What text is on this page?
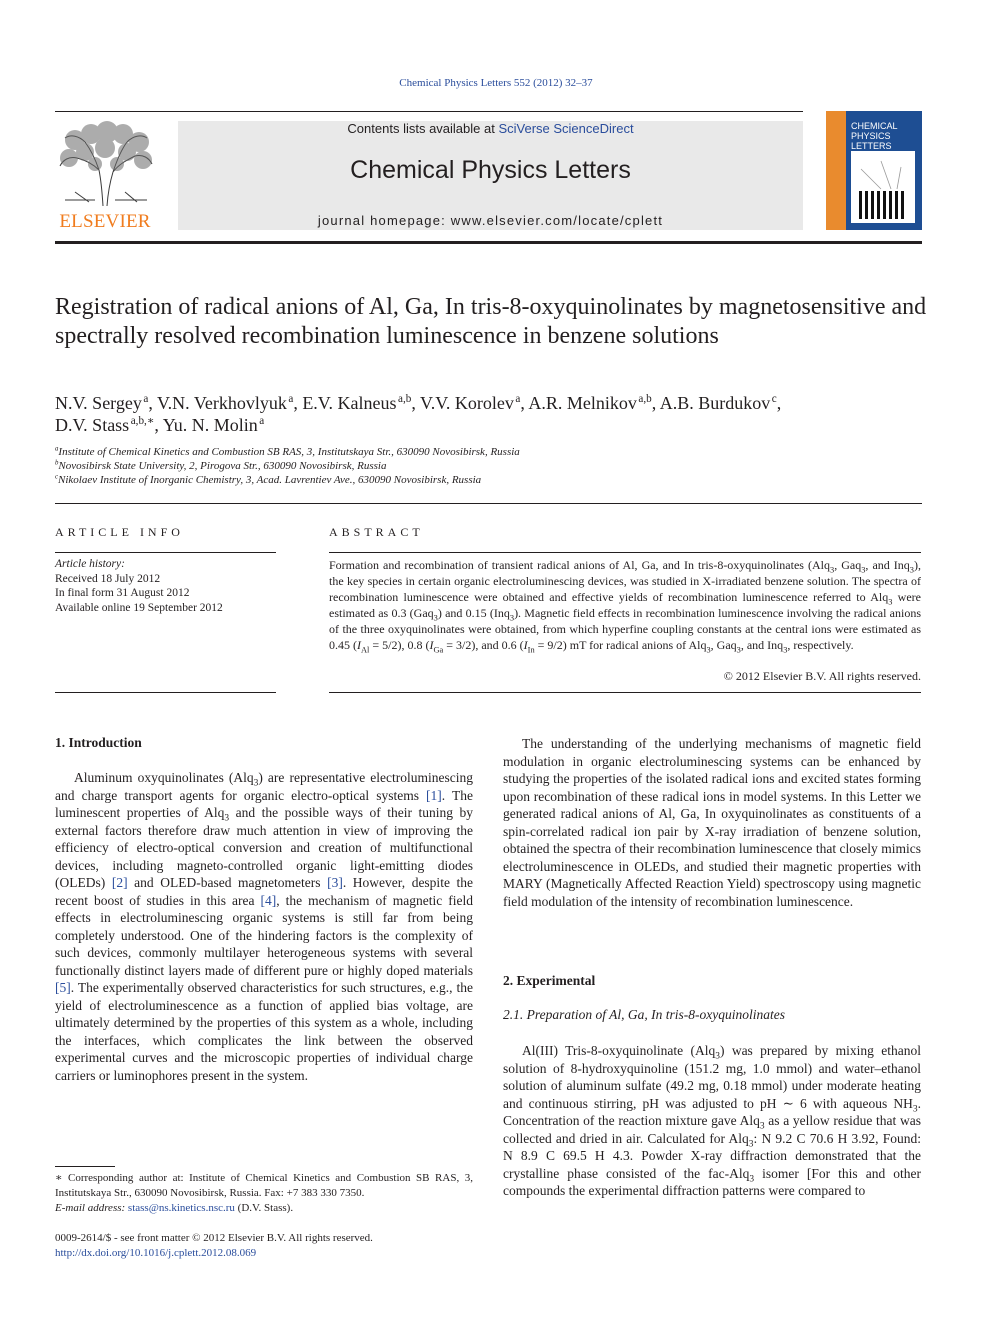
Chemical Physics Letters 552 (2012) 32–37
ELSEVIER
Contents lists available at SciVerse ScienceDirect
Chemical Physics Letters
journal homepage: www.elsevier.com/locate/cplett
CHEMICAL
PHYSICS
LETTERS
Registration of radical anions of Al, Ga, In tris-8-oxyquinolinates by magnetosensitive and spectrally resolved recombination luminescence in benzene solutions
N.V. Sergey  $^a$, V.N. Verkhovlyuk  $^a$, E.V. Kalneus  $^{a,b}$, V.V. Korolev  $^a$, A.R. Melnikov  $^{a,b}$, A.B. Burdukov  $^c$,
D.V. Stass  $^{a,b,∗}$, Yu. N. Molin  $^a$
$^a$Institute of Chemical Kinetics and Combustion SB RAS, 3, Institutskaya Str., 630090 Novosibirsk, Russia
$^b$Novosibirsk State University, 2, Pirogova Str., 630090 Novosibirsk, Russia
$^c$Nikolaev Institute of Inorganic Chemistry, 3, Acad. Lavrentiev Ave., 630090 Novosibirsk, Russia
ARTICLE INFO
Article history:
Received 18 July 2012
In final form 31 August 2012
Available online 19 September 2012
ABSTRACT
Formation and recombination of transient radical anions of Al, Ga, and In tris-8-oxyquinolinates (Alq$_3$, Gaq$_3$, and Inq$_3$), the key species in certain organic electroluminescing devices, was studied in X-irradiated benzene solution. The spectra of recombination luminescence were obtained and effective yields of recombination luminescence referred to Alq$_3$ were estimated as 0.3 (Gaq$_3$) and 0.15 (Inq$_3$). Magnetic field effects in recombination luminescence involving the radical anions of the three oxyquinolinates were obtained, from which hyperfine coupling constants at the central ions were estimated as 0.45 $(I_{Al} = 5/2)$, 0.8 $(I_{Ga} = 3/2)$, and 0.6 $(I_{In} = 9/2)$ mT for radical anions of Alq$_3$, Gaq$_3$, and Inq$_3$, respectively.
© 2012 Elsevier B.V. All rights reserved.
1. Introduction

Aluminum oxyquinolinates (Alq$_3$) are representative electroluminescing and charge transport agents for organic electro-optical systems [1]. The luminescent properties of Alq$_3$ and the possible ways of their tuning by external factors therefore draw much attention in view of improving the efficiency of electro-optical conversion and creation of multifunctional devices, including magneto-controlled organic light-emitting diodes (OLEDs) [2] and OLED-based magnetometers [3]. However, despite the recent boost of studies in this area [4], the mechanism of magnetic field effects in electroluminescing organic systems is still far from being completely understood. One of the hindering factors is the complexity of such devices, commonly multilayer heterogeneous systems with several functionally distinct layers made of different pure or highly doped materials [5]. The experimentally observed characteristics for such structures, e.g., the yield of electroluminescence as a function of applied bias voltage, are ultimately determined by the properties of this system as a whole, including the interfaces, which complicates the link between the observed experimental curves and the microscopic properties of individual charge carriers or luminophores present in the system.

∗ Corresponding author at: Institute of Chemical Kinetics and Combustion SB RAS, 3, Institutskaya Str., 630090 Novosibirsk, Russia. Fax: +7 383 330 7350.
E-mail address: stass@ns.kinetics.nsc.ru (D.V. Stass).
0009-2614/$ - see front matter © 2012 Elsevier B.V. All rights reserved.
http://dx.doi.org/10.1016/j.cplett.2012.08.069

The understanding of the underlying mechanisms of magnetic field modulation in organic electroluminescing systems can be enhanced by studying the properties of the isolated radical ions and excited states forming upon recombination of these radical ions in model systems. In this Letter we generated radical anions of Al, Ga, In oxyquinolinates as constituents of a spin-correlated radical ion pair by X-ray irradiation of benzene solution, obtained the spectra of their recombination luminescence that closely mimics electroluminescence in OLEDs, and studied their magnetic properties with MARY (Magnetically Affected Reaction Yield) spectroscopy using magnetic field modulation of the intensity of recombination luminescence.

2. Experimental
2.1. Preparation of Al, Ga, In tris-8-oxyquinolinates

Al(III) Tris-8-oxyquinolinate (Alq$_3$) was prepared by mixing ethanol solution of 8-hydroxyquinoline (151.2 mg, 1.0 mmol) and water–ethanol solution of aluminum sulfate (49.2 mg, 0.18 mmol) under moderate heating and continuous stirring, pH was adjusted to pH ∼ 6 with aqueous $NH_3$. Concentration of the reaction mixture gave Alq$_3$ as a yellow residue that was collected and dried in air. Calculated for Alq$_3$: N 9.2 C 70.6 H 3.92, Found: N 8.9 C 69.5 H 4.3. Powder X-ray diffraction demonstrated that the crystalline phase consisted of the fac-Alq$_3$ isomer [For this and other compounds the experimental diffraction patterns were compared to
